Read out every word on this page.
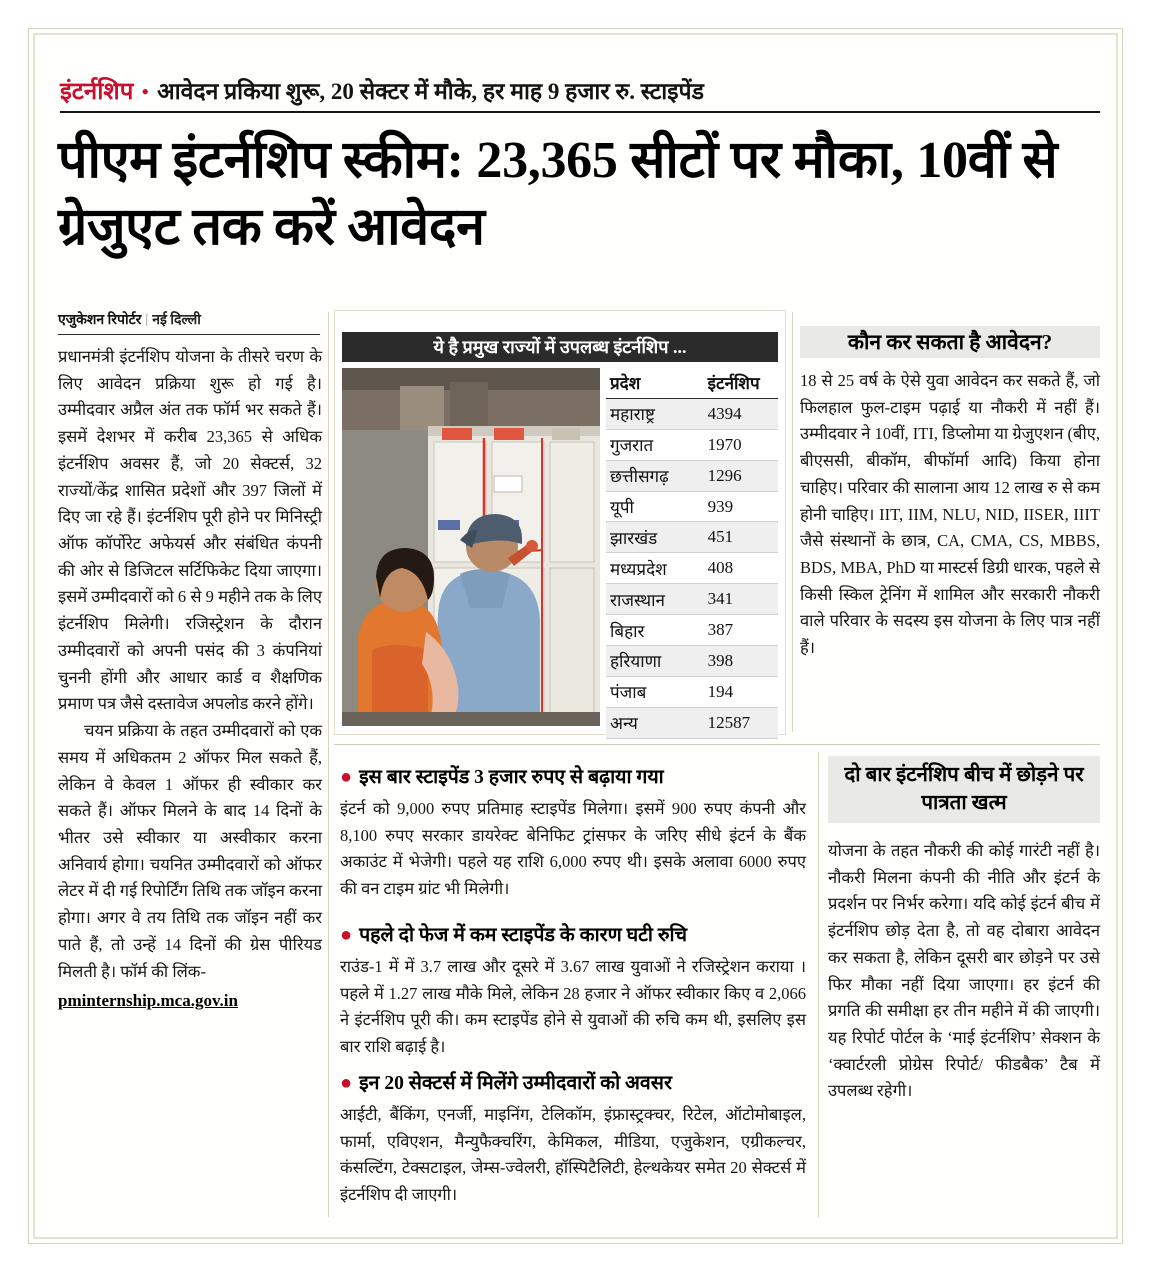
इंटर्नशिप • आवेदन प्रकिया शुरू, 20 सेक्टर में मौके, हर माह 9 हजार रु. स्टाइपेंड
पीएम इंटर्नशिप स्कीम: 23,365 सीटों पर मौका, 10वीं से ग्रेजुएट तक करें आवेदन
एजुकेशन रिपोर्टर | नई दिल्ली

प्रधानमंत्री इंटर्नशिप योजना के तीसरे चरण के लिए आवेदन प्रक्रिया शुरू हो गई है। उम्मीदवार अप्रैल अंत तक फॉर्म भर सकते हैं। इसमें देशभर में करीब 23,365 से अधिक इंटर्नशिप अवसर हैं, जो 20 सेक्टर्स, 32 राज्यों/केंद्र शासित प्रदेशों और 397 जिलों में दिए जा रहे हैं। इंटर्नशिप पूरी होने पर मिनिस्ट्री ऑफ कॉर्पोरेट अफेयर्स और संबंधित कंपनी की ओर से डिजिटल सर्टिफिकेट दिया जाएगा। इसमें उम्मीदवारों को 6 से 9 महीने तक के लिए इंटर्नशिप मिलेगी। रजिस्ट्रेशन के दौरान उम्मीदवारों को अपनी पसंद की 3 कंपनियां चुननी होंगी और आधार कार्ड व शैक्षणिक प्रमाण पत्र जैसे दस्तावेज अपलोड करने होंगे।

चयन प्रक्रिया के तहत उम्मीदवारों को एक समय में अधिकतम 2 ऑफर मिल सकते हैं, लेकिन वे केवल 1 ऑफर ही स्वीकार कर सकते हैं। ऑफर मिलने के बाद 14 दिनों के भीतर उसे स्वीकार या अस्वीकार करना अनिवार्य होगा। चयनित उम्मीदवारों को ऑफर लेटर में दी गई रिपोर्टिंग तिथि तक जॉइन करना होगा। अगर वे तय तिथि तक जॉइन नहीं कर पाते हैं, तो उन्हें 14 दिनों की ग्रेस पीरियड मिलती है। फॉर्म की लिंक-

pminternship.mca.gov.in
ये है प्रमुख राज्यों में उपलब्ध इंटर्नशिप ...
प्रदेश	इंटर्नशिप
महाराष्ट्र	4394
गुजरात	1970
छत्तीसगढ़	1296
यूपी	939
झारखंड	451
मध्यप्रदेश	408
राजस्थान	341
बिहार	387
हरियाणा	398
पंजाब	194
अन्य	12587
कौन कर सकता है आवेदन?

18 से 25 वर्ष के ऐसे युवा आवेदन कर सकते हैं, जो फिलहाल फुल-टाइम पढ़ाई या नौकरी में नहीं हैं। उम्मीदवार ने 10वीं, ITI, डिप्लोमा या ग्रेजुएशन (बीए, बीएससी, बीकॉम, बीफॉर्मा आदि) किया होना चाहिए। परिवार की सालाना आय 12 लाख रु से कम होनी चाहिए। IIT, IIM, NLU, NID, IISER, IIIT जैसे संस्थानों के छात्र, CA, CMA, CS, MBBS, BDS, MBA, PhD या मास्टर्स डिग्री धारक, पहले से किसी स्किल ट्रेनिंग में शामिल और सरकारी नौकरी वाले परिवार के सदस्य इस योजना के लिए पात्र नहीं हैं।

● इस बार स्टाइपेंड 3 हजार रुपए से बढ़ाया गया
इंटर्न को 9,000 रुपए प्रतिमाह स्टाइपेंड मिलेगा। इसमें 900 रुपए कंपनी और 8,100 रुपए सरकार डायरेक्ट बेनिफिट ट्रांसफर के जरिए सीधे इंटर्न के बैंक अकाउंट में भेजेगी। पहले यह राशि 6,000 रुपए थी। इसके अलावा 6000 रुपए की वन टाइम ग्रांट भी मिलेगी।
● पहले दो फेज में कम स्टाइपेंड के कारण घटी रुचि
राउंड-1 में में 3.7 लाख और दूसरे में 3.67 लाख युवाओं ने रजिस्ट्रेशन कराया । पहले में 1.27 लाख मौके मिले, लेकिन 28 हजार ने ऑफर स्वीकार किए व 2,066 ने इंटर्नशिप पूरी की। कम स्टाइपेंड होने से युवाओं की रुचि कम थी, इसलिए इस बार राशि बढ़ाई है।
● इन 20 सेक्टर्स में मिलेंगे उम्मीदवारों को अवसर
आईटी, बैंकिंग, एनर्जी, माइनिंग, टेलिकॉम, इंफ्रास्ट्रक्चर, रिटेल, ऑटोमोबाइल, फार्मा, एविएशन, मैन्युफैक्चरिंग, केमिकल, मीडिया, एजुकेशन, एग्रीकल्चर, कंसल्टिंग, टेक्सटाइल, जेम्स-ज्वेलरी, हॉस्पिटैलिटी, हेल्थकेयर समेत 20 सेक्टर्स में इंटर्नशिप दी जाएगी।
दो बार इंटर्नशिप बीच में छोड़ने पर पात्रता खत्म

योजना के तहत नौकरी की कोई गारंटी नहीं है। नौकरी मिलना कंपनी की नीति और इंटर्न के प्रदर्शन पर निर्भर करेगा। यदि कोई इंटर्न बीच में इंटर्नशिप छोड़ देता है, तो वह दोबारा आवेदन कर सकता है, लेकिन दूसरी बार छोड़ने पर उसे फिर मौका नहीं दिया जाएगा। हर इंटर्न की प्रगति की समीक्षा हर तीन महीने में की जाएगी। यह रिपोर्ट पोर्टल के ‘माई इंटर्नशिप’ सेक्शन के ‘क्वार्टरली प्रोग्रेस रिपोर्ट/ फीडबैक’ टैब में उपलब्ध रहेगी।
